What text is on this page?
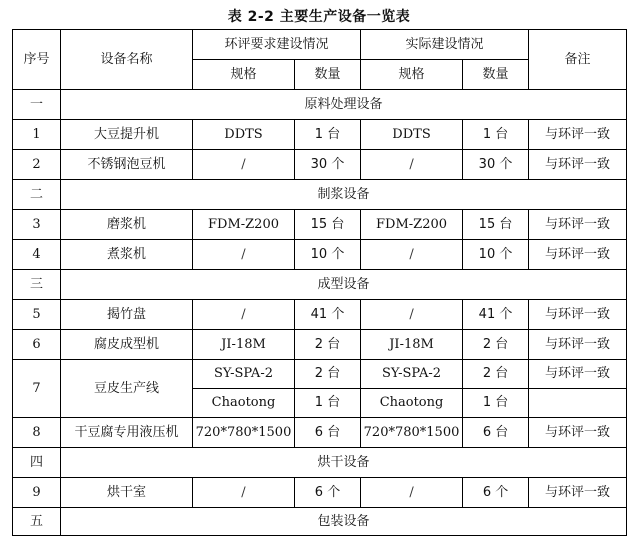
表 2-2 主要生产设备一览表
序号	设备名称	环评要求建设情况		实际建设情况		备注
		规格	数量	规格	数量	
一	原料处理设备					
1	大豆提升机	DDTS	1 台	DDTS	1 台	与环评一致
2	不锈钢泡豆机	/	30 个	/	30 个	与环评一致
二	制浆设备					
3	磨浆机	FDM-Z200	15 台	FDM-Z200	15 台	与环评一致
4	煮浆机	/	10 个	/	10 个	与环评一致
三	成型设备					
5	揭竹盘	/	41 个	/	41 个	与环评一致
6	腐皮成型机	JI-18M	2 台	JI-18M	2 台	与环评一致
7	豆皮生产线	SY-SPA-2	2 台	SY-SPA-2	2 台	与环评一致
		Chaotong	1 台	Chaotong	1 台	
8	干豆腐专用液压机	720*780*1500	6 台	720*780*1500	6 台	与环评一致
四	烘干设备					
9	烘干室	/	6 个	/	6 个	与环评一致
五	包装设备					
